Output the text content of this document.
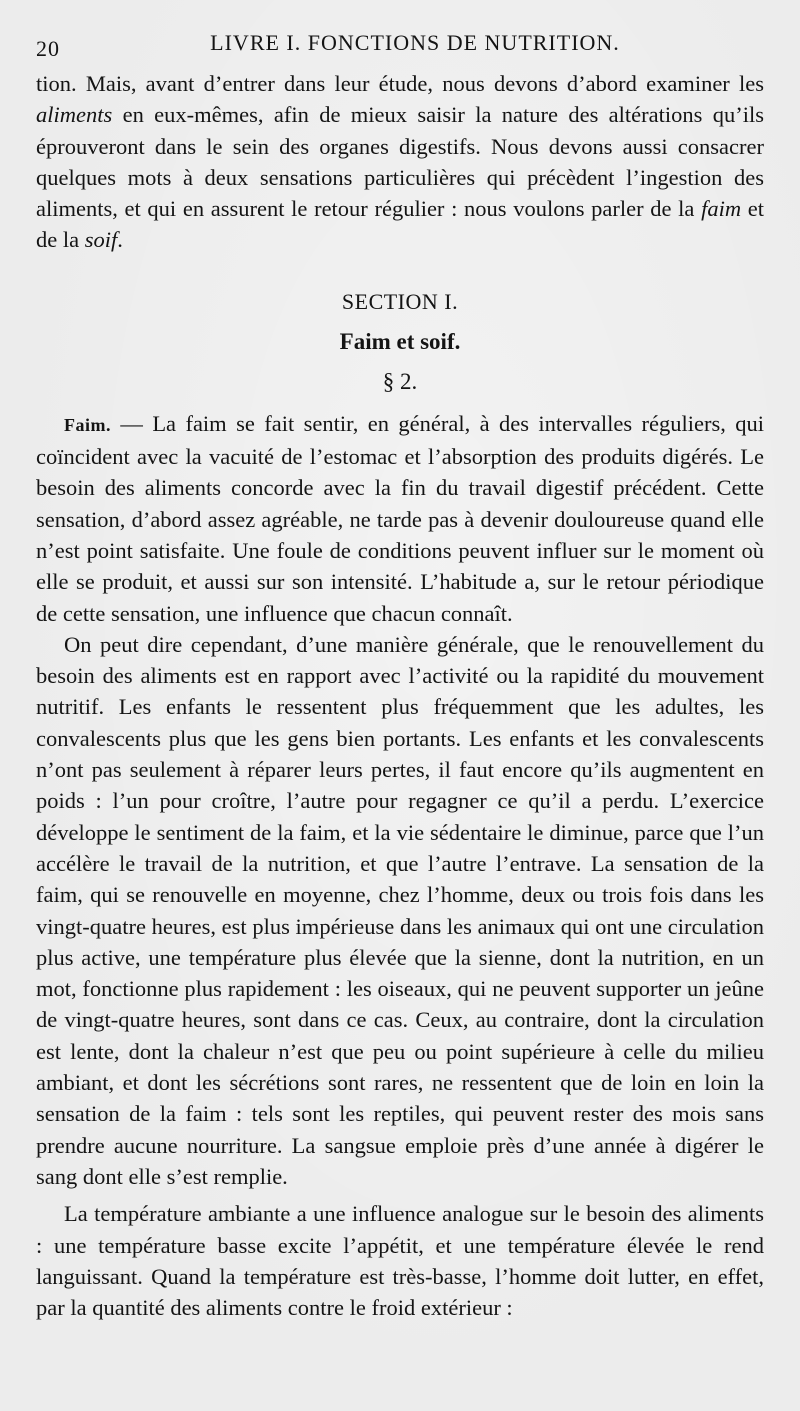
20	LIVRE I. FONCTIONS DE NUTRITION.

tion. Mais, avant d’entrer dans leur étude, nous devons d’abord examiner les aliments en eux-mêmes, afin de mieux saisir la nature des altérations qu’ils éprouveront dans le sein des organes digestifs. Nous devons aussi consacrer quelques mots à deux sensations particulières qui précèdent l’ingestion des aliments, et qui en assurent le retour régulier : nous voulons parler de la faim et de la soif.

SECTION I.
Faim et soif.
§ 2.

Faim. — La faim se fait sentir, en général, à des intervalles réguliers, qui coïncident avec la vacuité de l’estomac et l’absorption des produits digérés. Le besoin des aliments concorde avec la fin du travail digestif précédent. Cette sensation, d’abord assez agréable, ne tarde pas à devenir douloureuse quand elle n’est point satisfaite. Une foule de conditions peuvent influer sur le moment où elle se produit, et aussi sur son intensité. L’habitude a, sur le retour périodique de cette sensation, une influence que chacun connaît.

On peut dire cependant, d’une manière générale, que le renouvellement du besoin des aliments est en rapport avec l’activité ou la rapidité du mouvement nutritif. Les enfants le ressentent plus fréquemment que les adultes, les convalescents plus que les gens bien portants. Les enfants et les convalescents n’ont pas seulement à réparer leurs pertes, il faut encore qu’ils augmentent en poids : l’un pour croître, l’autre pour regagner ce qu’il a perdu. L’exercice développe le sentiment de la faim, et la vie sédentaire le diminue, parce que l’un accélère le travail de la nutrition, et que l’autre l’entrave. La sensation de la faim, qui se renouvelle en moyenne, chez l’homme, deux ou trois fois dans les vingt-quatre heures, est plus impérieuse dans les animaux qui ont une circulation plus active, une température plus élevée que la sienne, dont la nutrition, en un mot, fonctionne plus rapidement : les oiseaux, qui ne peuvent supporter un jeûne de vingt-quatre heures, sont dans ce cas. Ceux, au contraire, dont la circulation est lente, dont la chaleur n’est que peu ou point supérieure à celle du milieu ambiant, et dont les sécrétions sont rares, ne ressentent que de loin en loin la sensation de la faim : tels sont les reptiles, qui peuvent rester des mois sans prendre aucune nourriture. La sangsue emploie près d’une année à digérer le sang dont elle s’est remplie.

La température ambiante a une influence analogue sur le besoin des aliments : une température basse excite l’appétit, et une température élevée le rend languissant. Quand la température est très-basse, l’homme doit lutter, en effet, par la quantité des aliments contre le froid extérieur :
